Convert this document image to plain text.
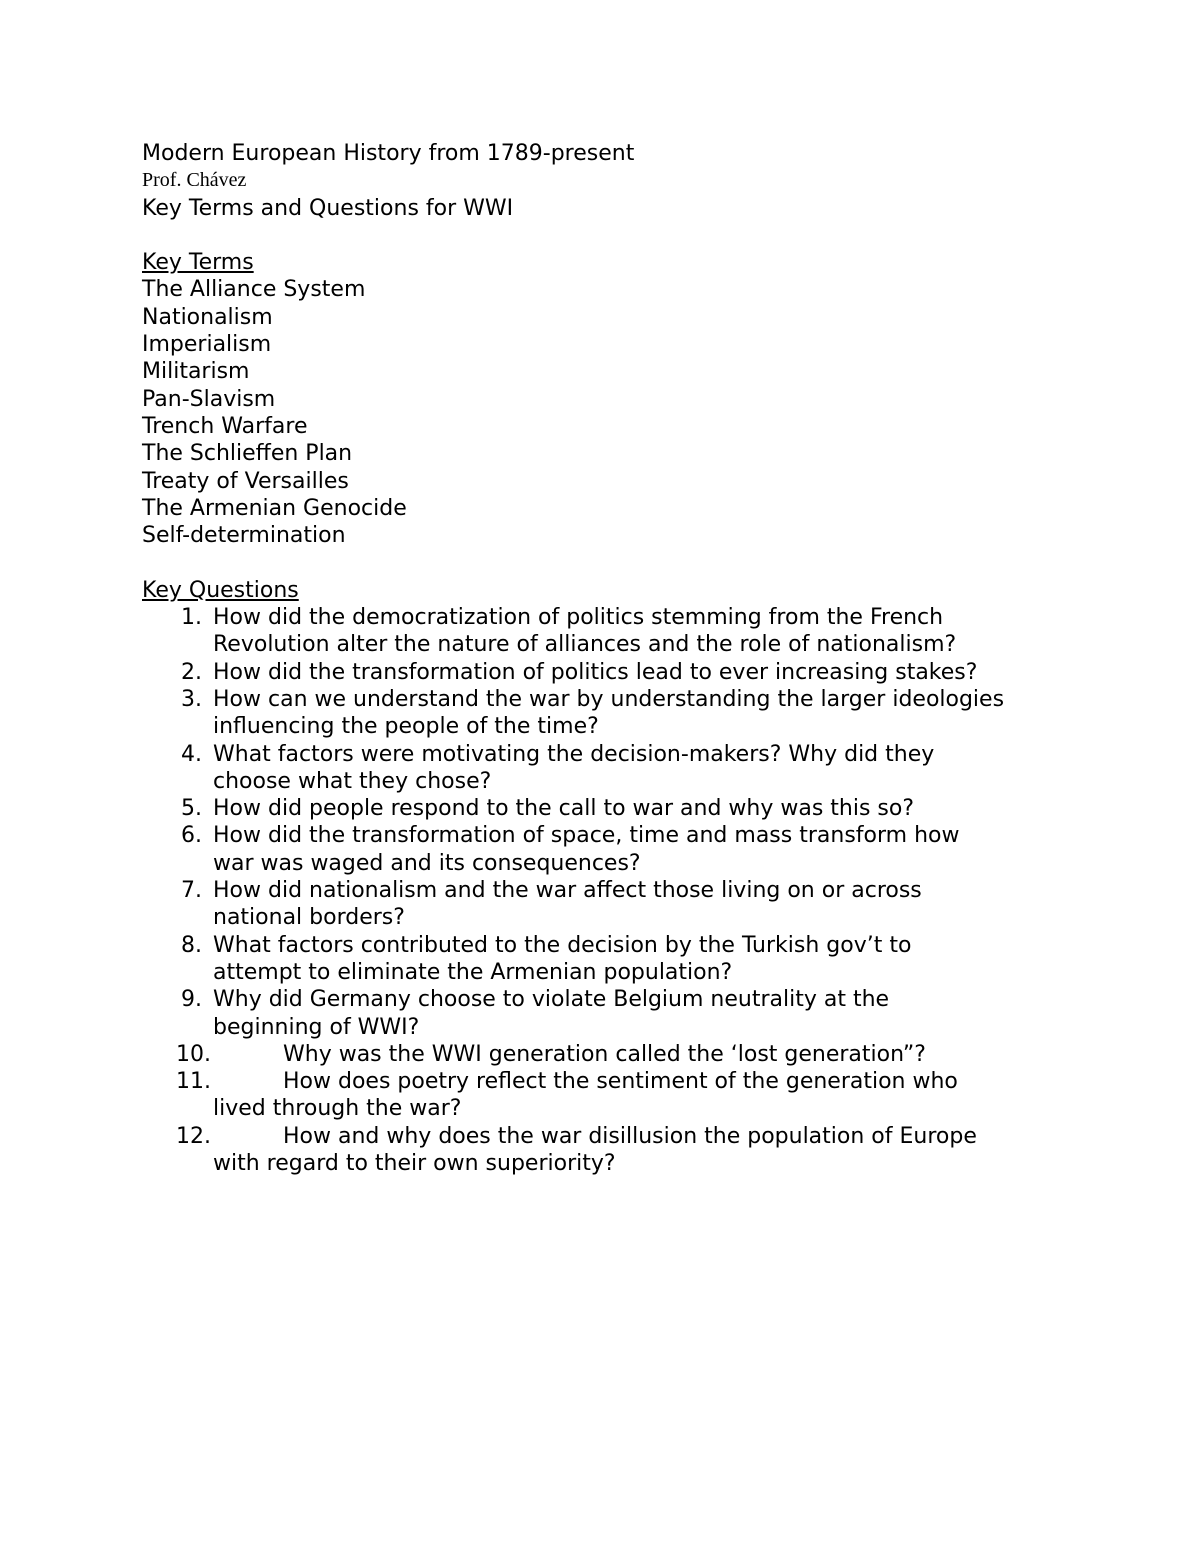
Modern European History from 1789-present

Prof. Chávez

Key Terms and Questions for WWI

Key Terms

The Alliance System

Nationalism

Imperialism

Militarism

Pan-Slavism

Trench Warfare

The Schlieffen Plan

Treaty of Versailles

The Armenian Genocide

Self-determination

Key Questions

1. How did the democratization of politics stemming from the French
Revolution alter the nature of alliances and the role of nationalism?
2. How did the transformation of politics lead to ever increasing stakes?
3. How can we understand the war by understanding the larger ideologies
influencing the people of the time?
4. What factors were motivating the decision-makers? Why did they
choose what they chose?
5. How did people respond to the call to war and why was this so?
6. How did the transformation of space, time and mass transform how
war was waged and its consequences?
7. How did nationalism and the war affect those living on or across
national borders?
8. What factors contributed to the decision by the Turkish gov’t to
attempt to eliminate the Armenian population?
9. Why did Germany choose to violate Belgium neutrality at the
beginning of WWI?
10.	Why was the WWI generation called the ‘lost generation”?
11.	How does poetry reflect the sentiment of the generation who
lived through the war?
12.	How and why does the war disillusion the population of Europe
with regard to their own superiority?
